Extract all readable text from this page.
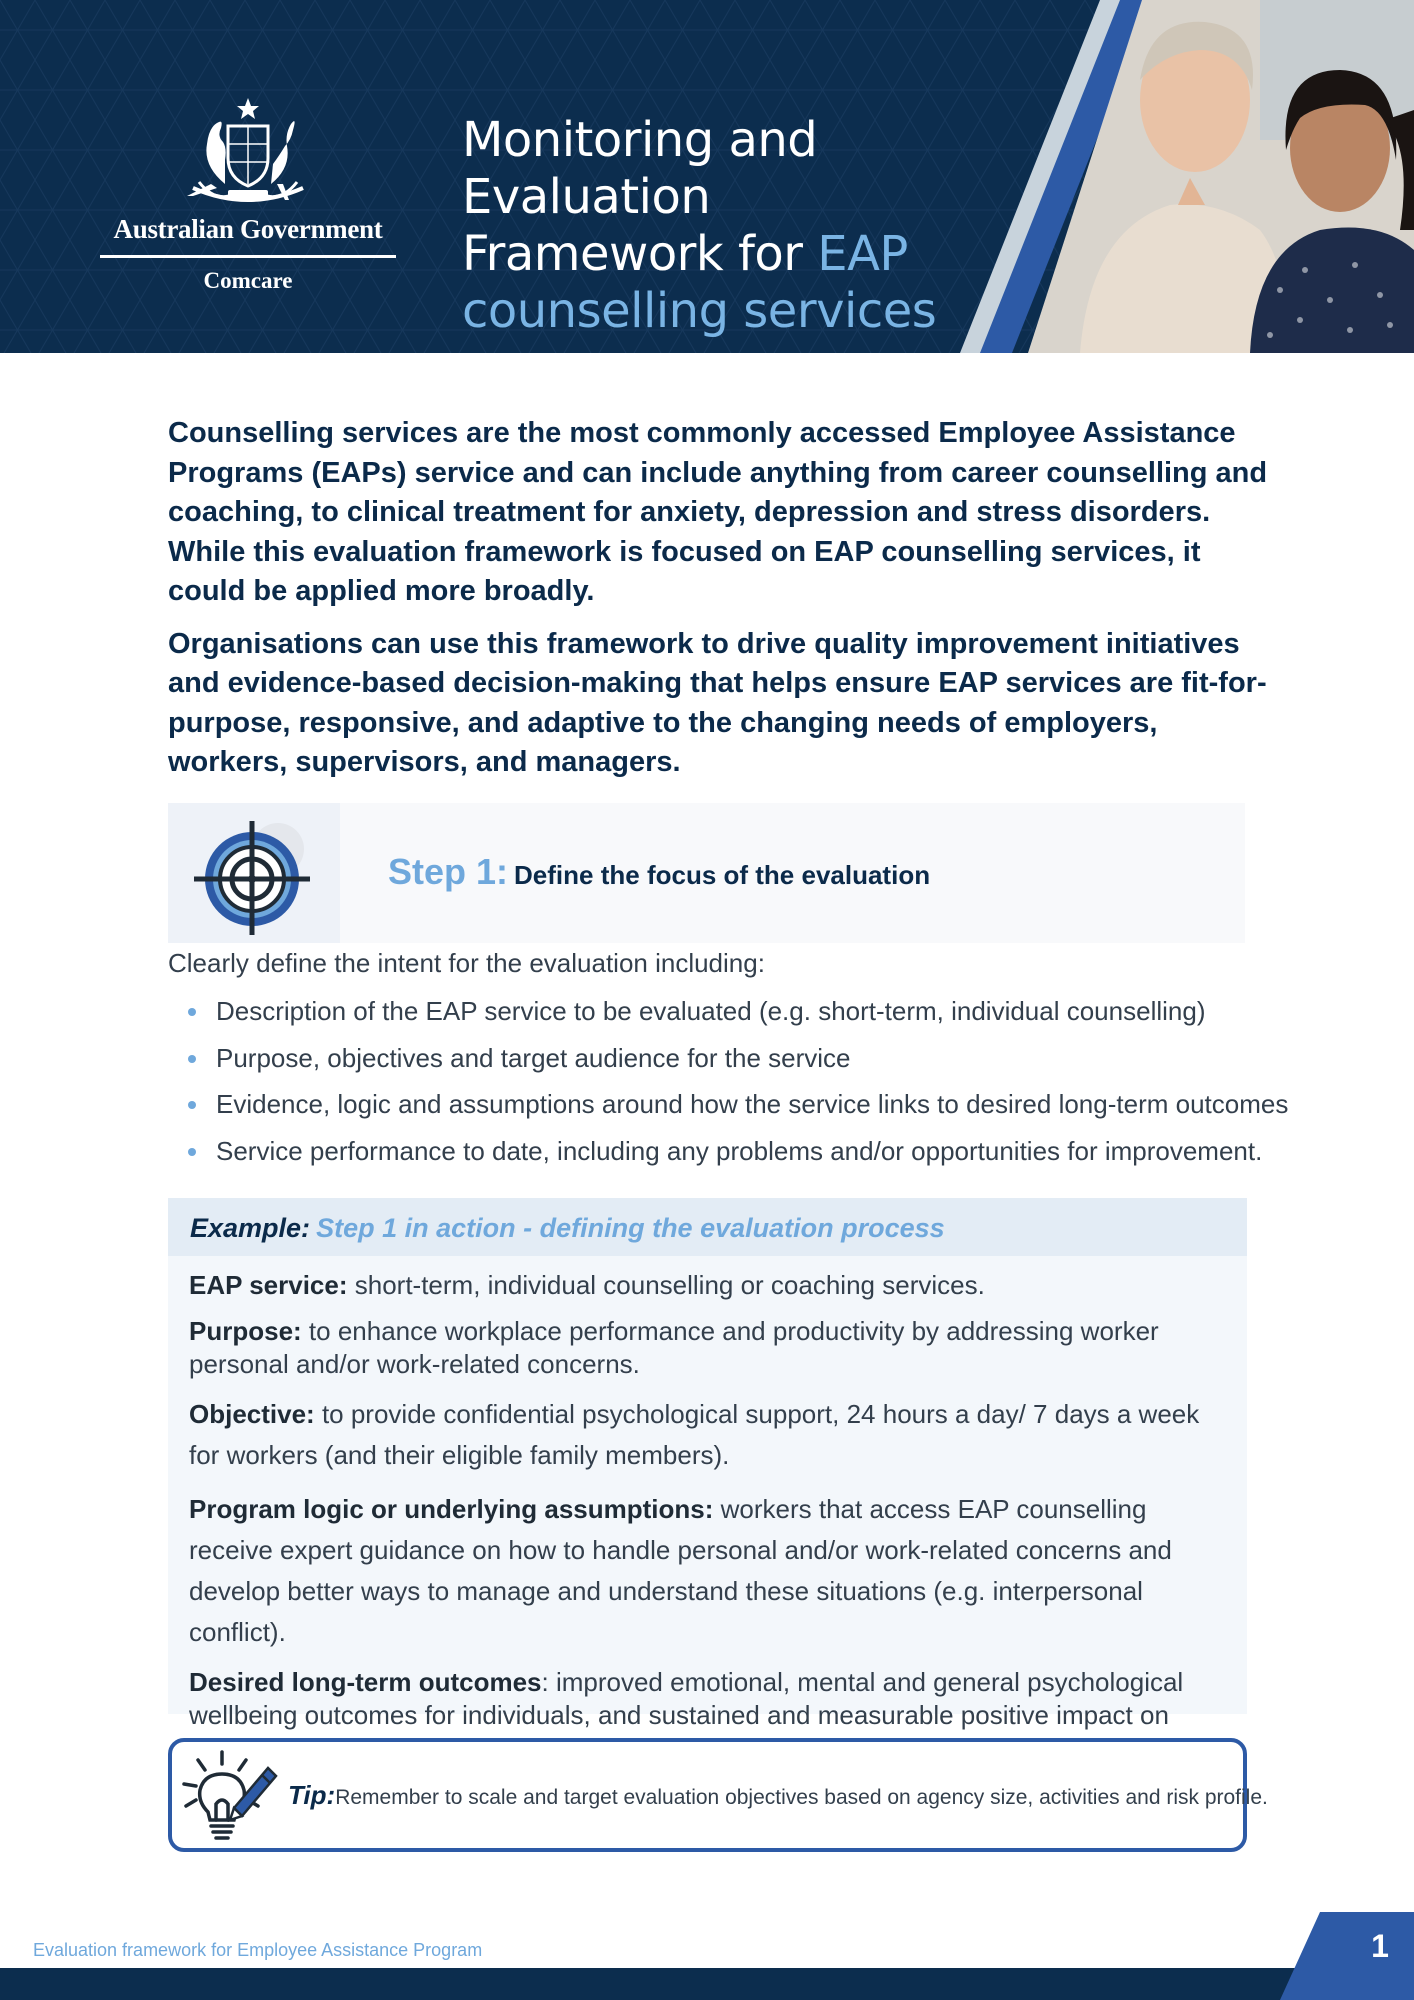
Australian Government
Comcare
Monitoring and Evaluation
Framework for EAP
counselling services

Counselling services are the most commonly accessed Employee Assistance Programs (EAPs) service and can include anything from career counselling and coaching, to clinical treatment for anxiety, depression and stress disorders. While this evaluation framework is focused on EAP counselling services, it could be applied more broadly.

Organisations can use this framework to drive quality improvement initiatives and evidence-based decision-making that helps ensure EAP services are fit-for-purpose, responsive, and adaptive to the changing needs of employers, workers, supervisors, and managers.

Step 1: Define the focus of the evaluation

Clearly define the intent for the evaluation including:

Description of the EAP service to be evaluated (e.g. short-term, individual counselling)
Purpose, objectives and target audience for the service
Evidence, logic and assumptions around how the service links to desired long-term outcomes
Service performance to date, including any problems and/or opportunities for improvement.
Example: Step 1 in action - defining the evaluation process

EAP service: short-term, individual counselling or coaching services.

Purpose: to enhance workplace performance and productivity by addressing worker personal and/or work-related concerns.

Objective: to provide confidential psychological support, 24 hours a day/ 7 days a week for workers (and their eligible family members).

Program logic or underlying assumptions: workers that access EAP counselling receive expert guidance on how to handle personal and/or work-related concerns and develop better ways to manage and understand these situations (e.g. interpersonal conflict).

Desired long-term outcomes: improved emotional, mental and general psychological wellbeing outcomes for individuals, and sustained and measurable positive impact on

Tip:Remember to scale and target evaluation objectives based on agency size, activities and risk profile.
Evaluation framework for Employee Assistance Program	1
